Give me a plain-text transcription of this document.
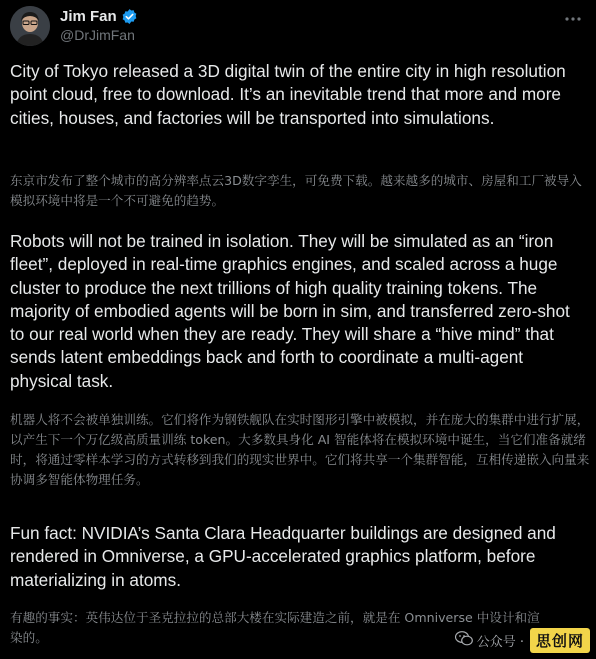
Jim Fan
@DrJimFan

City of Tokyo released a 3D digital twin of the entire city in high resolution point cloud, free to download. It’s an inevitable trend that more and more cities, houses, and factories will be transported into simulations.

东京市发布了整个城市的高分辨率点云3D数字孪生，可免费下载。越来越多的城市、房屋和工厂被导入模拟环境中将是一个不可避免的趋势。

Robots will not be trained in isolation. They will be simulated as an “iron fleet”, deployed in real-time graphics engines, and scaled across a huge cluster to produce the next trillions of high quality training tokens. The majority of embodied agents will be born in sim, and transferred zero-shot to our real world when they are ready. They will share a “hive mind” that sends latent embeddings back and forth to coordinate a multi-agent physical task.

机器人将不会被单独训练。它们将作为钢铁舰队在实时图形引擎中被模拟，并在庞大的集群中进行扩展，以产生下一个万亿级高质量训练 token。大多数具身化 AI 智能体将在模拟环境中诞生，当它们准备就绪时，将通过零样本学习的方式转移到我们的现实世界中。它们将共享一个集群智能，互相传递嵌入向量来协调多智能体物理任务。

Fun fact: NVIDIA’s Santa Clara Headquarter buildings are designed and rendered in Omniverse, a GPU-accelerated graphics platform, before materializing in atoms.

有趣的事实：英伟达位于圣克拉拉的总部大楼在实际建造之前，就是在 Omniverse 中设计和渲染的。	公众号 · 思创网
